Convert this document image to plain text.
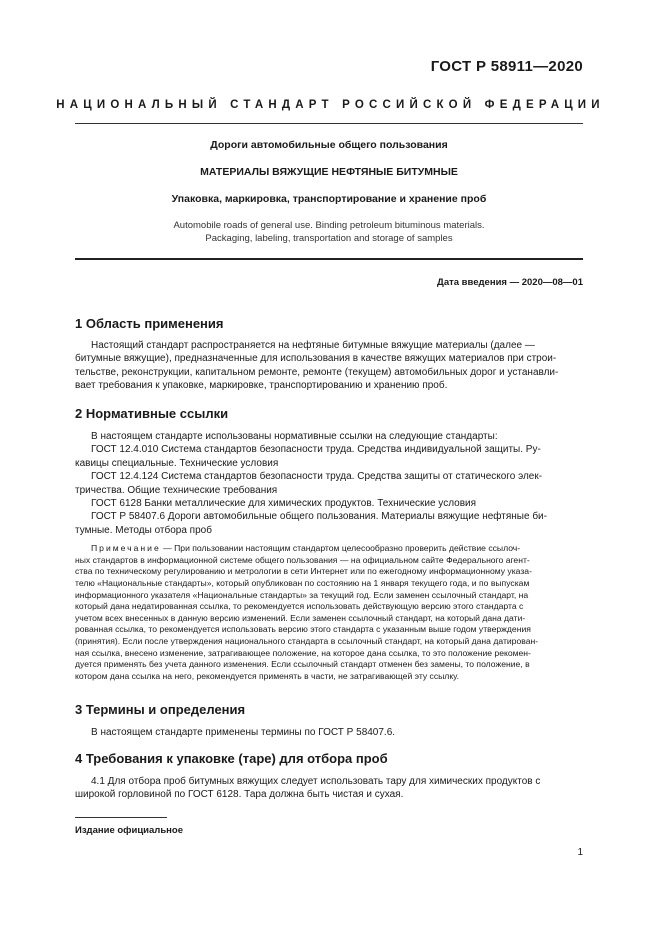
ГОСТ Р 58911—2020
НАЦИОНАЛЬНЫЙ СТАНДАРТ РОССИЙСКОЙ ФЕДЕРАЦИИ
Дороги автомобильные общего пользования
МАТЕРИАЛЫ ВЯЖУЩИЕ НЕФТЯНЫЕ БИТУМНЫЕ
Упаковка, маркировка, транспортирование и хранение проб
Automobile roads of general use. Binding petroleum bituminous materials.
Packaging, labeling, transportation and storage of samples
Дата введения — 2020—08—01

1 Область применения

Настоящий стандарт распространяется на нефтяные битумные вяжущие материалы (далее —
битумные вяжущие), предназначенные для использования в качестве вяжущих материалов при строи-
тельстве, реконструкции, капитальном ремонте, ремонте (текущем) автомобильных дорог и устанавли-
вает требования к упаковке, маркировке, транспортированию и хранению проб.

2 Нормативные ссылки

В настоящем стандарте использованы нормативные ссылки на следующие стандарты:
ГОСТ 12.4.010 Система стандартов безопасности труда. Средства индивидуальной защиты. Ру-
кавицы специальные. Технические условия
ГОСТ 12.4.124 Система стандартов безопасности труда. Средства защиты от статического элек-
тричества. Общие технические требования
ГОСТ 6128 Банки металлические для химических продуктов. Технические условия
ГОСТ Р 58407.6 Дороги автомобильные общего пользования. Материалы вяжущие нефтяные би-
тумные. Методы отбора проб
Примечание — При пользовании настоящим стандартом целесообразно проверить действие ссылоч-
ных стандартов в информационной системе общего пользования — на официальном сайте Федерального агент-
ства по техническому регулированию и метрологии в сети Интернет или по ежегодному информационному указа-
телю «Национальные стандарты», который опубликован по состоянию на 1 января текущего года, и по выпускам
информационного указателя «Национальные стандарты» за текущий год. Если заменен ссылочный стандарт, на
который дана недатированная ссылка, то рекомендуется использовать действующую версию этого стандарта с
учетом всех внесенных в данную версию изменений. Если заменен ссылочный стандарт, на который дана дати-
рованная ссылка, то рекомендуется использовать версию этого стандарта с указанным выше годом утверждения
(принятия). Если после утверждения национального стандарта в ссылочный стандарт, на который дана датирован-
ная ссылка, внесено изменение, затрагивающее положение, на которое дана ссылка, то это положение рекомен-
дуется применять без учета данного изменения. Если ссылочный стандарт отменен без замены, то положение, в
котором дана ссылка на него, рекомендуется применять в части, не затрагивающей эту ссылку.

3 Термины и определения

В настоящем стандарте применены термины по ГОСТ Р 58407.6.

4 Требования к упаковке (таре) для отбора проб

4.1 Для отбора проб битумных вяжущих следует использовать тару для химических продуктов с
широкой горловиной по ГОСТ 6128. Тара должна быть чистая и сухая.
Издание официальное
1
